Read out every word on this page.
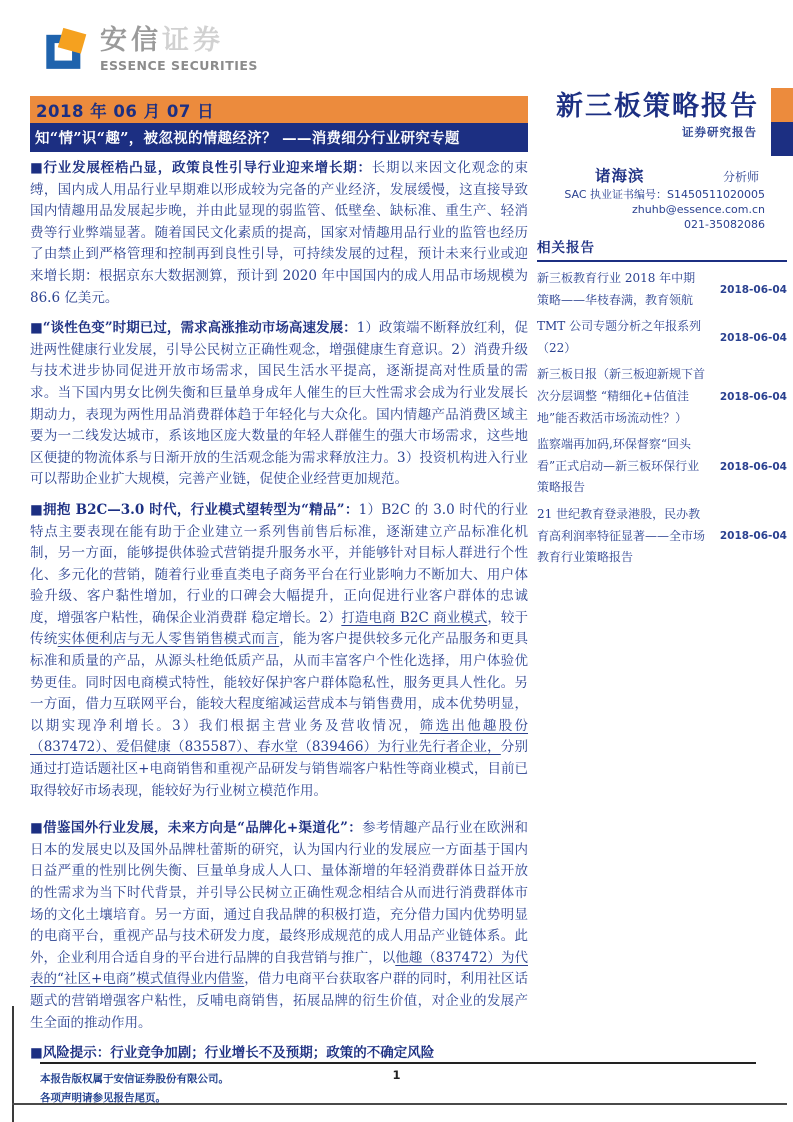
安信证券
ESSENCE SECURITIES
2018 年 06 月 07 日
知“情”识“趣”，被忽视的情趣经济？ ——消费细分行业研究专题
新三板策略报告
证券研究报告
诸海滨	分析师
SAC 执业证书编号：S1450511020005
zhuhb@essence.com.cn
021-35082086
相关报告
新三板教育行业 2018 年中期策略——华枝春满，教育领航
2018-06-04
TMT 公司专题分析之年报系列（22）
2018-06-04
新三板日报（新三板迎新规下首次分层调整 “精细化+估值洼地”能否救活市场流动性？）
2018-06-04
监察端再加码,环保督察“回头看”正式启动—新三板环保行业策略报告
2018-06-04
21 世纪教育登录港股，民办教育高利润率特征显著——全市场教育行业策略报告
2018-06-04

■行业发展桎梏凸显，政策良性引导行业迎来增长期：长期以来因文化观念的束缚，国内成人用品行业早期难以形成较为完备的产业经济，发展缓慢，这直接导致国内情趣用品发展起步晚，并由此显现的弱监管、低壁垒、缺标准、重生产、轻消费等行业弊端显著。随着国民文化素质的提高，国家对情趣用品行业的监管也经历了由禁止到严格管理和控制再到良性引导，可持续发展的过程，预计未来行业或迎来增长期：根据京东大数据测算，预计到 2020 年中国国内的成人用品市场规模为 86.6 亿美元。

■“谈性色变”时期已过，需求高涨推动市场高速发展：1）政策端不断释放红利，促进两性健康行业发展，引导公民树立正确性观念，增强健康生育意识。2）消费升级与技术进步协同促进开放市场需求，国民生活水平提高，逐渐提高对性质量的需求。当下国内男女比例失衡和巨量单身成年人催生的巨大性需求会成为行业发展长期动力，表现为两性用品消费群体趋于年轻化与大众化。国内情趣产品消费区域主要为一二线发达城市，系该地区庞大数量的年轻人群催生的强大市场需求，这些地区便捷的物流体系与日渐开放的生活观念能为需求释放注力。3）投资机构进入行业可以帮助企业扩大规模，完善产业链，促使企业经营更加规范。

■拥抱 B2C—3.0 时代，行业模式望转型为“精品”：1）B2C 的 3.0 时代的行业特点主要表现在能有助于企业建立一系列售前售后标准，逐渐建立产品标准化机制，另一方面，能够提供体验式营销提升服务水平，并能够针对目标人群进行个性化、多元化的营销，随着行业垂直类电子商务平台在行业影响力不断加大、用户体验升级、客户黏性增加，行业的口碑会大幅提升，正向促进行业客户群体的忠诚度，增强客户粘性，确保企业消费群 稳定增长。2）打造电商 B2C 商业模式，较于传统实体便利店与无人零售销售模式而言，能为客户提供较多元化产品服务和更具标准和质量的产品，从源头杜绝低质产品，从而丰富客户个性化选择，用户体验优势更佳。同时因电商模式特性，能较好保护客户群体隐私性，服务更具人性化。另一方面，借力互联网平台，能较大程度缩减运营成本与销售费用，成本优势明显，以期实现净利增长。3）我们根据主营业务及营收情况，筛选出他趣股份（837472）、爱侣健康（835587）、春水堂（839466）为行业先行者企业，分别通过打造话题社区+电商销售和重视产品研发与销售端客户粘性等商业模式，目前已取得较好市场表现，能较好为行业树立模范作用。

■借鉴国外行业发展，未来方向是“品牌化+渠道化”：参考情趣产品行业在欧洲和日本的发展史以及国外品牌杜蕾斯的研究，认为国内行业的发展应一方面基于国内日益严重的性别比例失衡、巨量单身成人人口、量体渐增的年轻消费群体日益开放的性需求为当下时代背景，并引导公民树立正确性观念相结合从而进行消费群体市场的文化土壤培育。另一方面，通过自我品牌的积极打造，充分借力国内优势明显的电商平台，重视产品与技术研发力度，最终形成规范的成人用品产业链体系。此外，企业利用合适自身的平台进行品牌的自我营销与推广，以他趣（837472）为代表的“社区+电商”模式值得业内借鉴，借力电商平台获取客户群的同时，利用社区话题式的营销增强客户粘性，反哺电商销售，拓展品牌的衍生价值，对企业的发展产生全面的推动作用。

■风险提示：行业竞争加剧；行业增长不及预期；政策的不确定风险

本报告版权属于安信证券股份有限公司。
各项声明请参见报告尾页。
1
